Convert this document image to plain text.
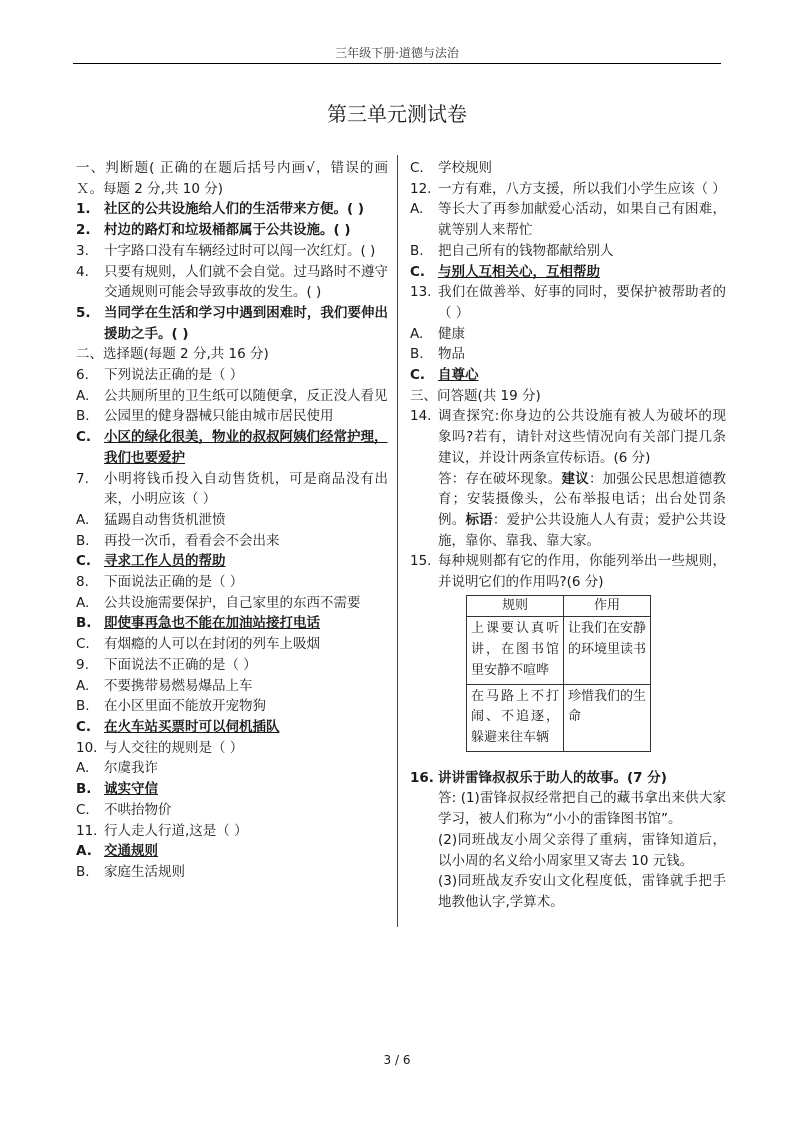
三年级下册·道德与法治
第三单元测试卷
一、判断题( 正确的在题后括号内画√，错误的画Ｘ。每题 2 分,共 10 分)
1. 社区的公共设施给人们的生活带来方便。( )
2. 村边的路灯和垃圾桶都属于公共设施。( )
3.	十字路口没有车辆经过时可以闯一次红灯。( )
4.	只要有规则，人们就不会自觉。过马路时不遵守交通规则可能会导致事故的发生。( )
5. 当同学在生活和学习中遇到困难时，我们要伸出援助之手。( )
二、选择题(每题 2 分,共 16 分)
6.	下列说法正确的是（ ）
A.	公共厕所里的卫生纸可以随便拿，反正没人看见
B.	公园里的健身器械只能由城市居民使用
C. 小区的绿化很美，物业的叔叔阿姨们经常护理，我们也要爱护
7.	小明将钱币投入自动售货机，可是商品没有出来，小明应该（ ）
A.	猛踢自动售货机泄愤
B.	再投一次币，看看会不会出来
C. 寻求工作人员的帮助
8.	下面说法正确的是（ ）
A.	公共设施需要保护，自己家里的东西不需要
B. 即使事再急也不能在加油站接打电话
C.	有烟瘾的人可以在封闭的列车上吸烟
9.	下面说法不正确的是（ ）
A.	不要携带易燃易爆品上车
B.	在小区里面不能放开宠物狗
C. 在火车站买票时可以伺机插队
10. 与人交往的规则是（ ）
A.	尔虞我诈
B. 诚实守信
C.	不哄抬物价
11. 行人走人行道,这是（ ）
A. 交通规则
B.	家庭生活规则
C.	学校规则
12. 一方有难，八方支援，所以我们小学生应该（ ）
A.	等长大了再参加献爱心活动，如果自己有困难，就等别人来帮忙
B.	把自己所有的钱物都献给别人
C. 与别人互相关心，互相帮助
13. 我们在做善举、好事的同时，要保护被帮助者的（ ）
A.	健康
B.	物品
C. 自尊心
三、问答题(共 19 分)
14. 调查探究:你身边的公共设施有被人为破坏的现象吗?若有，请针对这些情况向有关部门提几条建议，并设计两条宣传标语。(6 分)
答：存在破坏现象。建议：加强公民思想道德教育；安装摄像头，公布举报电话；出台处罚条例。标语：爱护公共设施人人有责；爱护公共设施，靠你、靠我、靠大家。
15. 每种规则都有它的作用，你能列举出一些规则，并说明它们的作用吗?(6 分)
规则	作用
上课要认真听讲，在图书馆里安静不喧哗	让我们在安静的环境里读书
在马路上不打闹、不追逐，躲避来往车辆	珍惜我们的生命
16. 讲讲雷锋叔叔乐于助人的故事。(7 分)
答: (1)雷锋叔叔经常把自己的藏书拿出来供大家学习，被人们称为“小小的雷锋图书馆”。
(2)同班战友小周父亲得了重病，雷锋知道后，以小周的名义给小周家里又寄去 10 元钱。
(3)同班战友乔安山文化程度低，雷锋就手把手地教他认字,学算术。
3 / 6
